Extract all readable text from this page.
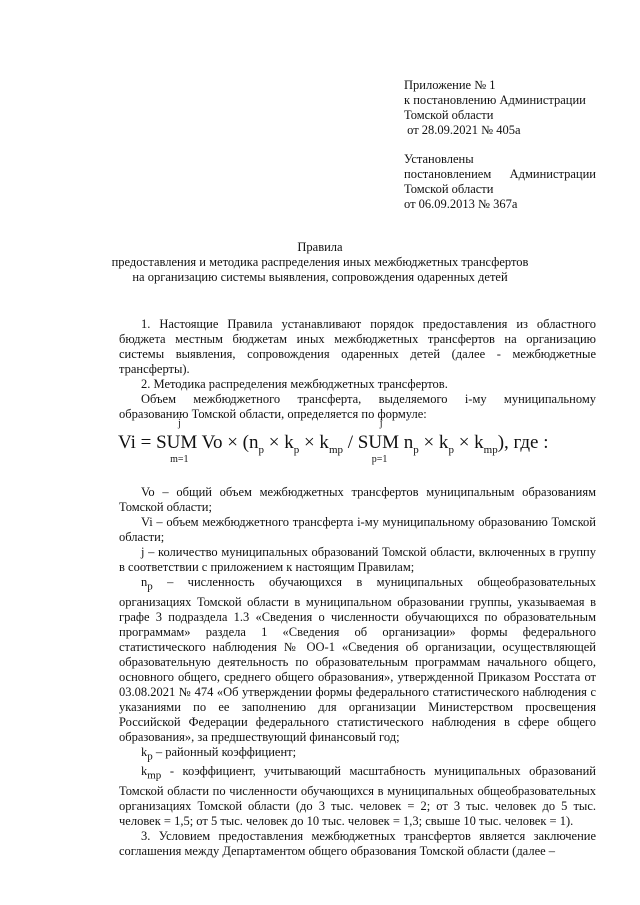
Приложение № 1
к постановлению Администрации
Томской области
от 28.09.2021 № 405а
Установлены
постановлением Администрации
Томской области
от 06.09.2013 № 367а
Правила
предоставления и методика распределения иных межбюджетных трансфертов
на организацию системы выявления, сопровождения одаренных детей

1. Настоящие Правила устанавливают порядок предоставления из областного бюджета местным бюджетам иных межбюджетных трансфертов на организацию системы выявления, сопровождения одаренных детей (далее - межбюджетные трансферты).

2. Методика распределения межбюджетных трансфертов.

Объем межбюджетного трансферта, выделяемого i-му муниципальному образованию Томской области, определяется по формуле:

Vi = SUM
j
m=1
$Vo \times (n_p \times k_p \times k_{mp}$ / SUM
j
p=1
$n_p \times k_p \times k_{mp}$), где :

Vo – общий объем межбюджетных трансфертов муниципальным образованиям Томской области;

Vi – объем межбюджетного трансферта i-му муниципальному образованию Томской области;

j – количество муниципальных образований Томской области, включенных в группу в соответствии с приложением к настоящим Правилам;

$n_p$ – численность обучающихся в муниципальных общеобразовательных организациях Томской области в муниципальном образовании группы, указываемая в графе 3 подраздела 1.3 «Сведения о численности обучающихся по образовательным программам» раздела 1 «Сведения об организации» формы федерального статистического наблюдения № ОО-1 «Сведения об организации, осуществляющей образовательную деятельность по образовательным программам начального общего, основного общего, среднего общего образования», утвержденной Приказом Росстата от 03.08.2021 № 474 «Об утверждении формы федерального статистического наблюдения с указаниями по ее заполнению для организации Министерством просвещения Российской Федерации федерального статистического наблюдения в сфере общего образования», за предшествующий финансовый год;

$k_p$ – районный коэффициент;

$k_{mp}$ - коэффициент, учитывающий масштабность муниципальных образований Томской области по численности обучающихся в муниципальных общеобразовательных организациях Томской области (до 3 тыс. человек = 2; от 3 тыс. человек до 5 тыс. человек = 1,5; от 5 тыс. человек до 10 тыс. человек = 1,3; свыше 10 тыс. человек = 1).

3. Условием предоставления межбюджетных трансфертов является заключение соглашения между Департаментом общего образования Томской области (далее –
